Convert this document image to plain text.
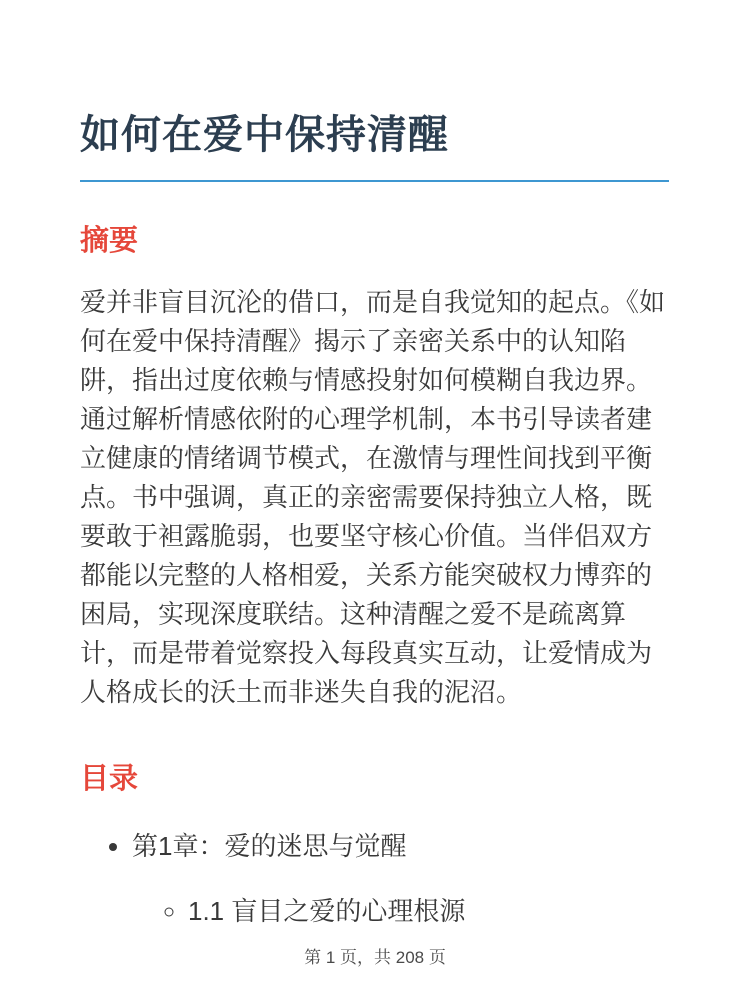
如何在爱中保持清醒
摘要

爱并非盲目沉沦的借口，而是自我觉知的起点。《如何在爱中保持清醒》揭示了亲密关系中的认知陷阱，指出过度依赖与情感投射如何模糊自我边界。通过解析情感依附的心理学机制，本书引导读者建立健康的情绪调节模式，在激情与理性间找到平衡点。书中强调，真正的亲密需要保持独立人格，既要敢于袒露脆弱，也要坚守核心价值。当伴侣双方都能以完整的人格相爱，关系方能突破权力博弈的困局，实现深度联结。这种清醒之爱不是疏离算计，而是带着觉察投入每段真实互动，让爱情成为人格成长的沃土而非迷失自我的泥沼。

目录
• 第1章：爱的迷思与觉醒
◦ 1.1 盲目之爱的心理根源
第 1 页，共 208 页
